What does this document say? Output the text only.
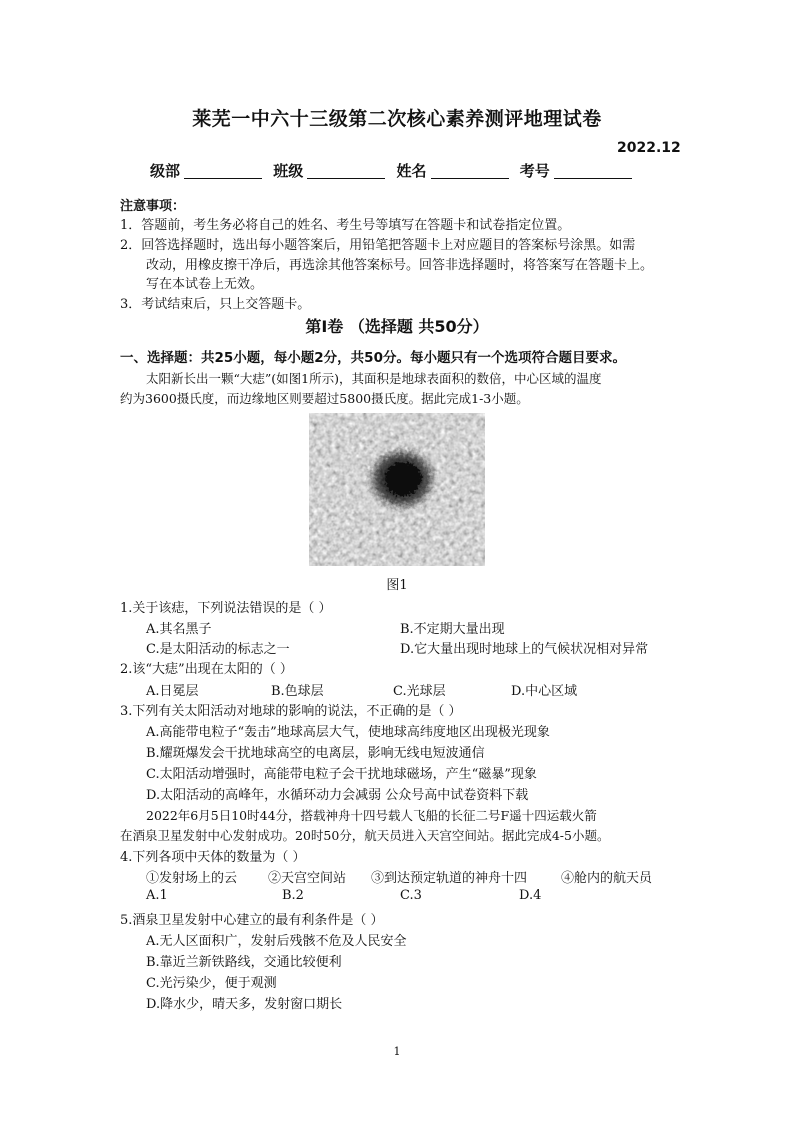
莱芜一中六十三级第二次核心素养测评地理试卷
2022.12
级部	班级	姓名	考号
注意事项：
1．答题前，考生务必将自己的姓名、考生号等填写在答题卡和试卷指定位置。
2．回答选择题时，选出每小题答案后，用铅笔把答题卡上对应题目的答案标号涂黑。如需
改动，用橡皮擦干净后，再选涂其他答案标号。回答非选择题时，将答案写在答题卡上。
写在本试卷上无效。
3．考试结束后，只上交答题卡。
第Ⅰ卷 （选择题 共50分）
一、选择题：共25小题，每小题2分，共50分。每小题只有一个选项符合题目要求。
太阳新长出一颗“大痣”(如图1所示)，其面积是地球表面积的数倍，中心区域的温度
约为3600摄氏度，而边缘地区则要超过5800摄氏度。据此完成1-3小题。
图1
1.关于该痣，下列说法错误的是（ ）
A.其名黑子	B.不定期大量出现
C.是太阳活动的标志之一	D.它大量出现时地球上的气候状况相对异常
2.该“大痣”出现在太阳的（ ）
A.日冕层	B.色球层	C.光球层	D.中心区域
3.下列有关太阳活动对地球的影响的说法，不正确的是（ ）
A.高能带电粒子“轰击”地球高层大气，使地球高纬度地区出现极光现象
B.耀斑爆发会干扰地球高空的电离层，影响无线电短波通信
C.太阳活动增强时，高能带电粒子会干扰地球磁场，产生“磁暴”现象
D.太阳活动的高峰年，水循环动力会减弱 公众号高中试卷资料下载
2022年6月5日10时44分，搭载神舟十四号载人飞船的长征二号F遥十四运载火箭
在酒泉卫星发射中心发射成功。20时50分，航天员进入天宫空间站。据此完成4-5小题。
4.下列各项中天体的数量为（ ）
①发射场上的云 ②天宫空间站 ③到达预定轨道的神舟十四	④舱内的航天员
A.1	B.2	C.3	D.4
5.酒泉卫星发射中心建立的最有利条件是（ ）
A.无人区面积广，发射后残骸不危及人民安全
B.靠近兰新铁路线，交通比较便利
C.光污染少，便于观测
D.降水少，晴天多，发射窗口期长
1
